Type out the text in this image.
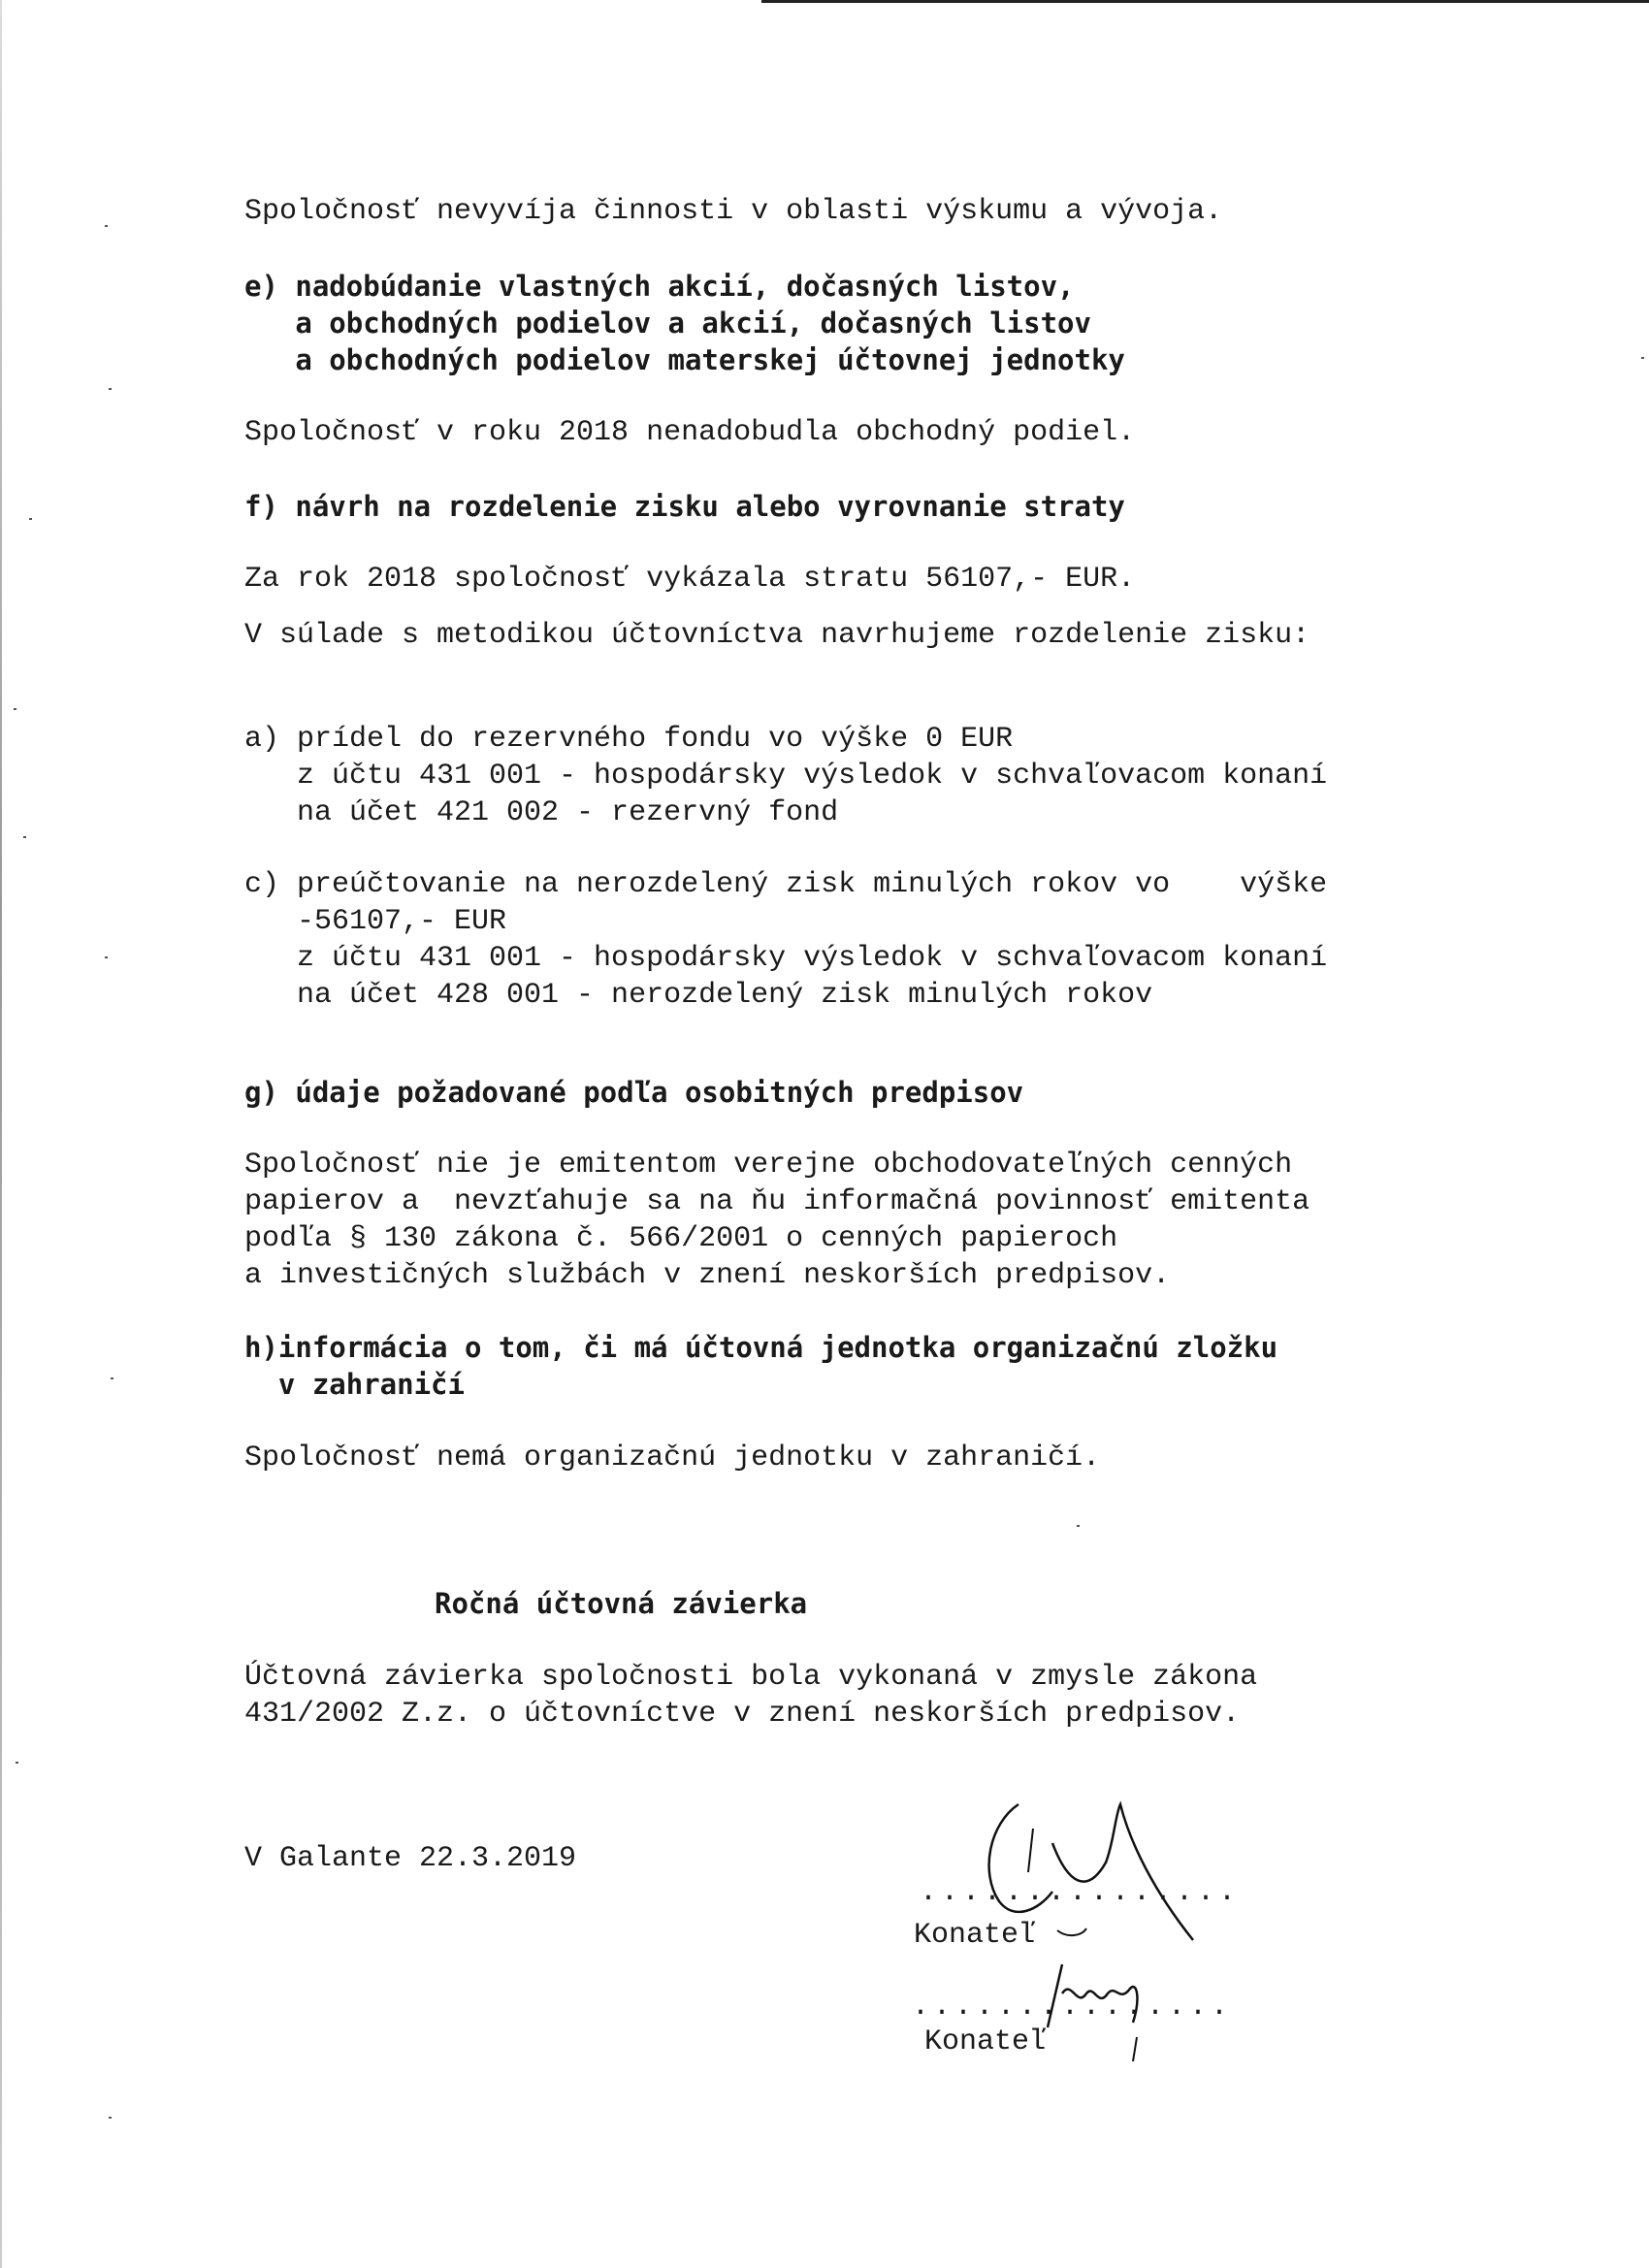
Spoločnosť nevyvíja činnosti v oblasti výskumu a vývoja.
e) nadobúdanie vlastných akcií, dočasných listov,
a obchodných podielov a akcií, dočasných listov
a obchodných podielov materskej účtovnej jednotky
Spoločnosť v roku 2018 nenadobudla obchodný podiel.
f) návrh na rozdelenie zisku alebo vyrovnanie straty
Za rok 2018 spoločnosť vykázala stratu 56107,- EUR.
V súlade s metodikou účtovníctva navrhujeme rozdelenie zisku:
a) prídel do rezervného fondu vo výške 0 EUR
z účtu 431 001 - hospodársky výsledok v schvaľovacom konaní
na účet 421 002 - rezervný fond
c) preúčtovanie na nerozdelený zisk minulých rokov vo    výške
-56107,- EUR
z účtu 431 001 - hospodársky výsledok v schvaľovacom konaní
na účet 428 001 - nerozdelený zisk minulých rokov
g) údaje požadované podľa osobitných predpisov
Spoločnosť nie je emitentom verejne obchodovateľných cenných
papierov a  nevzťahuje sa na ňu informačná povinnosť emitenta
podľa § 130 zákona č. 566/2001 o cenných papieroch
a investičných službách v znení neskorších predpisov.
h)informácia o tom, či má účtovná jednotka organizačnú zložku
v zahraničí
Spoločnosť nemá organizačnú jednotku v zahraničí.
Ročná účtovná závierka
Účtovná závierka spoločnosti bola vykonaná v zmysle zákona
431/2002 Z.z. o účtovníctve v znení neskorších predpisov.
V Galante 22.3.2019
...............
Konateľ
...............
Konateľ
